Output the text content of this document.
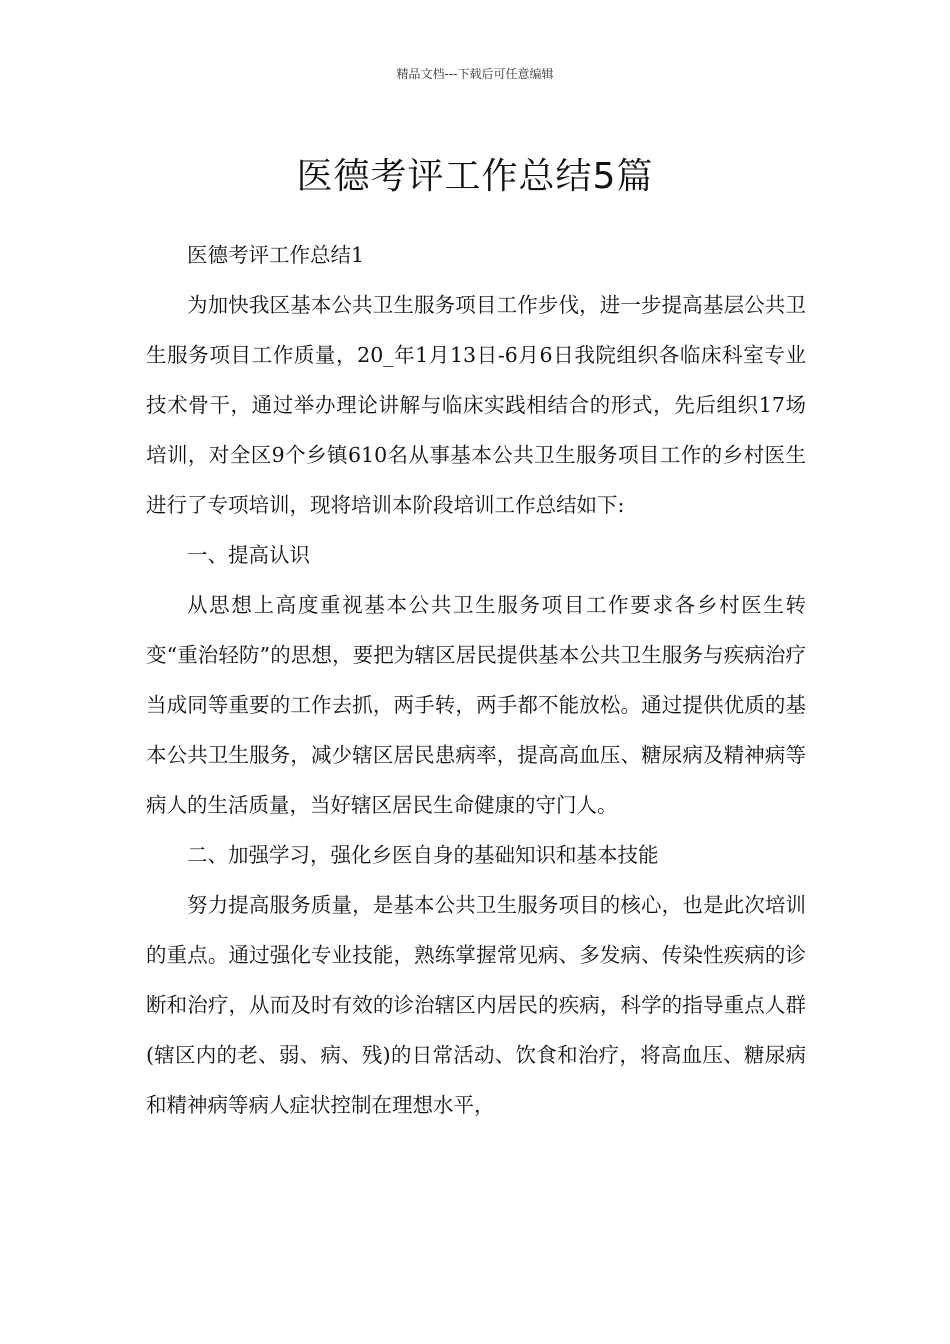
精品文档---下载后可任意编辑
医德考评工作总结5篇

医德考评工作总结1

为加快我区基本公共卫生服务项目工作步伐，进一步提高基层公共卫生服务项目工作质量，20_年1月13日-6月6日我院组织各临床科室专业技术骨干，通过举办理论讲解与临床实践相结合的形式，先后组织17场培训，对全区9个乡镇610名从事基本公共卫生服务项目工作的乡村医生进行了专项培训，现将培训本阶段培训工作总结如下:

一、提高认识

从思想上高度重视基本公共卫生服务项目工作要求各乡村医生转变“重治轻防”的思想，要把为辖区居民提供基本公共卫生服务与疾病治疗当成同等重要的工作去抓，两手转，两手都不能放松。通过提供优质的基本公共卫生服务，减少辖区居民患病率，提高高血压、糖尿病及精神病等病人的生活质量，当好辖区居民生命健康的守门人。

二、加强学习，强化乡医自身的基础知识和基本技能

努力提高服务质量，是基本公共卫生服务项目的核心，也是此次培训的重点。通过强化专业技能，熟练掌握常见病、多发病、传染性疾病的诊断和治疗，从而及时有效的诊治辖区内居民的疾病，科学的指导重点人群(辖区内的老、弱、病、残)的日常活动、饮食和治疗，将高血压、糖尿病和精神病等病人症状控制在理想水平，
